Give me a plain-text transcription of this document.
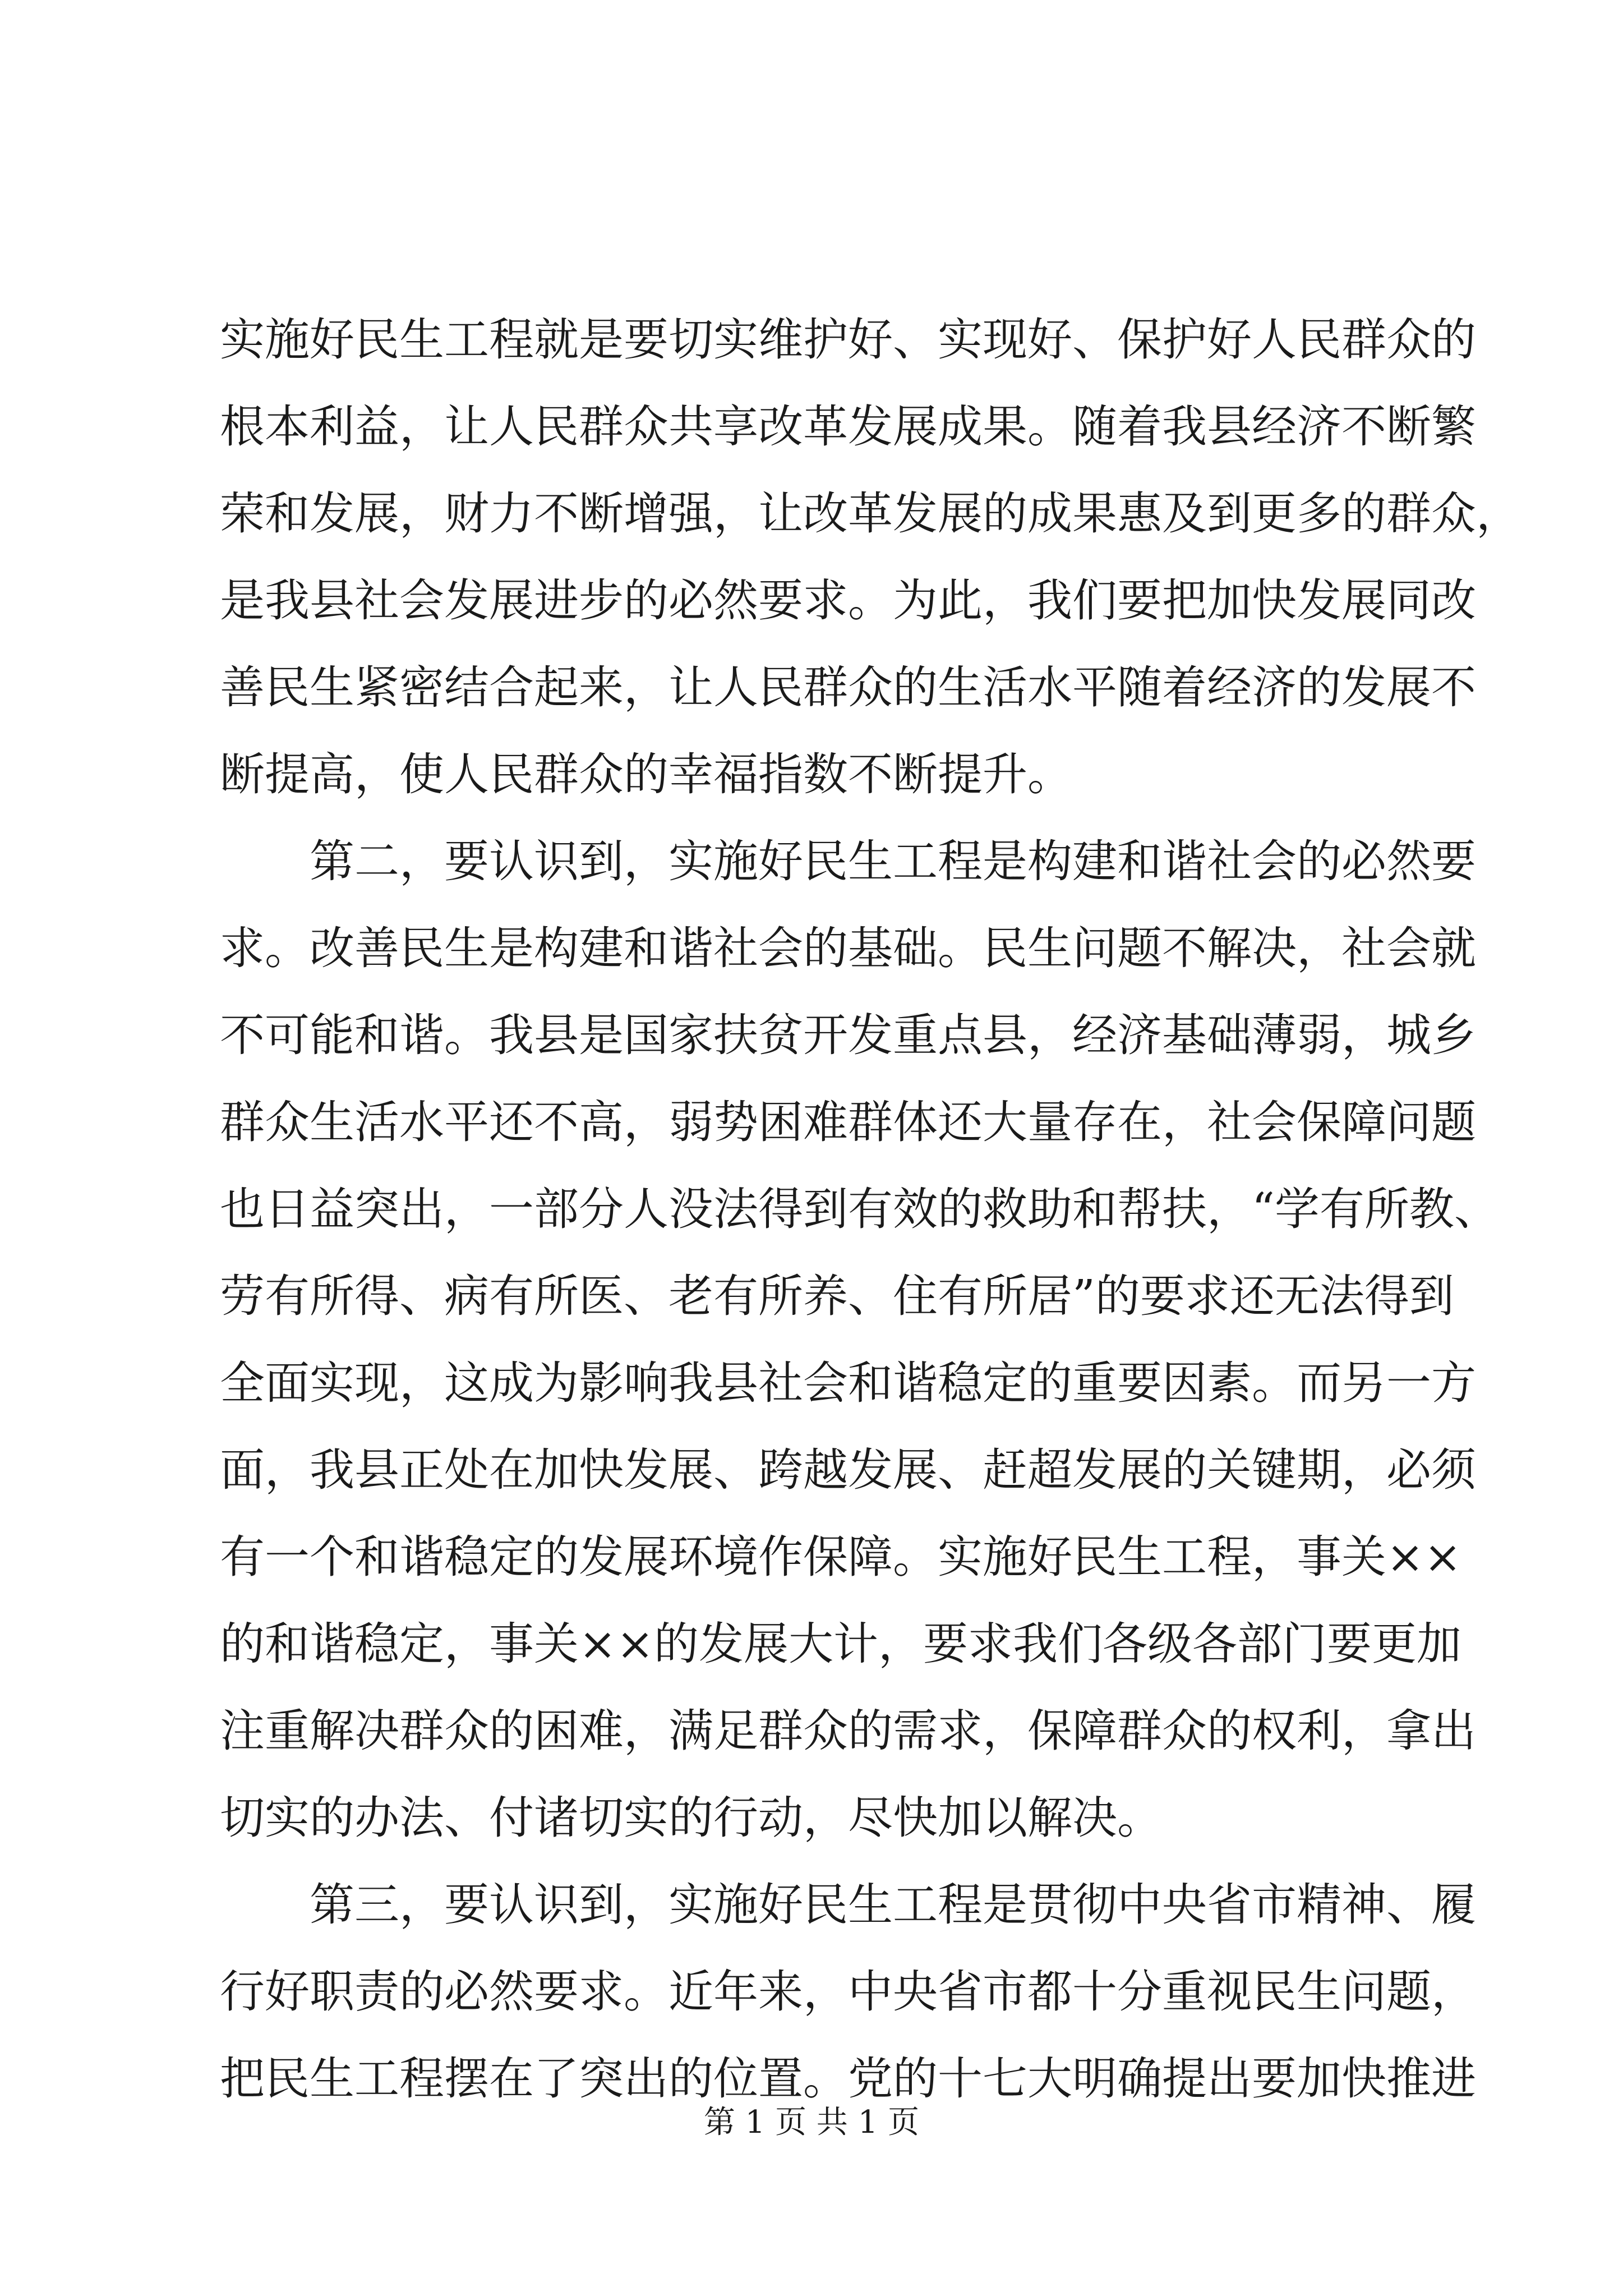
实施好民生工程就是要切实维护好、实现好、保护好人民群众的
根本利益，让人民群众共享改革发展成果。随着我县经济不断繁
荣和发展，财力不断增强，让改革发展的成果惠及到更多的群众，
是我县社会发展进步的必然要求。为此，我们要把加快发展同改
善民生紧密结合起来，让人民群众的生活水平随着经济的发展不
断提高，使人民群众的幸福指数不断提升。
　　第二，要认识到，实施好民生工程是构建和谐社会的必然要
求。改善民生是构建和谐社会的基础。民生问题不解决，社会就
不可能和谐。我县是国家扶贫开发重点县，经济基础薄弱，城乡
群众生活水平还不高，弱势困难群体还大量存在，社会保障问题
也日益突出，一部分人没法得到有效的救助和帮扶，“学有所教、
劳有所得、病有所医、老有所养、住有所居”的要求还无法得到
全面实现，这成为影响我县社会和谐稳定的重要因素。而另一方
面，我县正处在加快发展、跨越发展、赶超发展的关键期，必须
有一个和谐稳定的发展环境作保障。实施好民生工程，事关××
的和谐稳定，事关××的发展大计，要求我们各级各部门要更加
注重解决群众的困难，满足群众的需求，保障群众的权利，拿出
切实的办法、付诸切实的行动，尽快加以解决。
　　第三，要认识到，实施好民生工程是贯彻中央省市精神、履
行好职责的必然要求。近年来，中央省市都十分重视民生问题，
把民生工程摆在了突出的位置。党的十七大明确提出要加快推进
第 1 页 共 1 页
